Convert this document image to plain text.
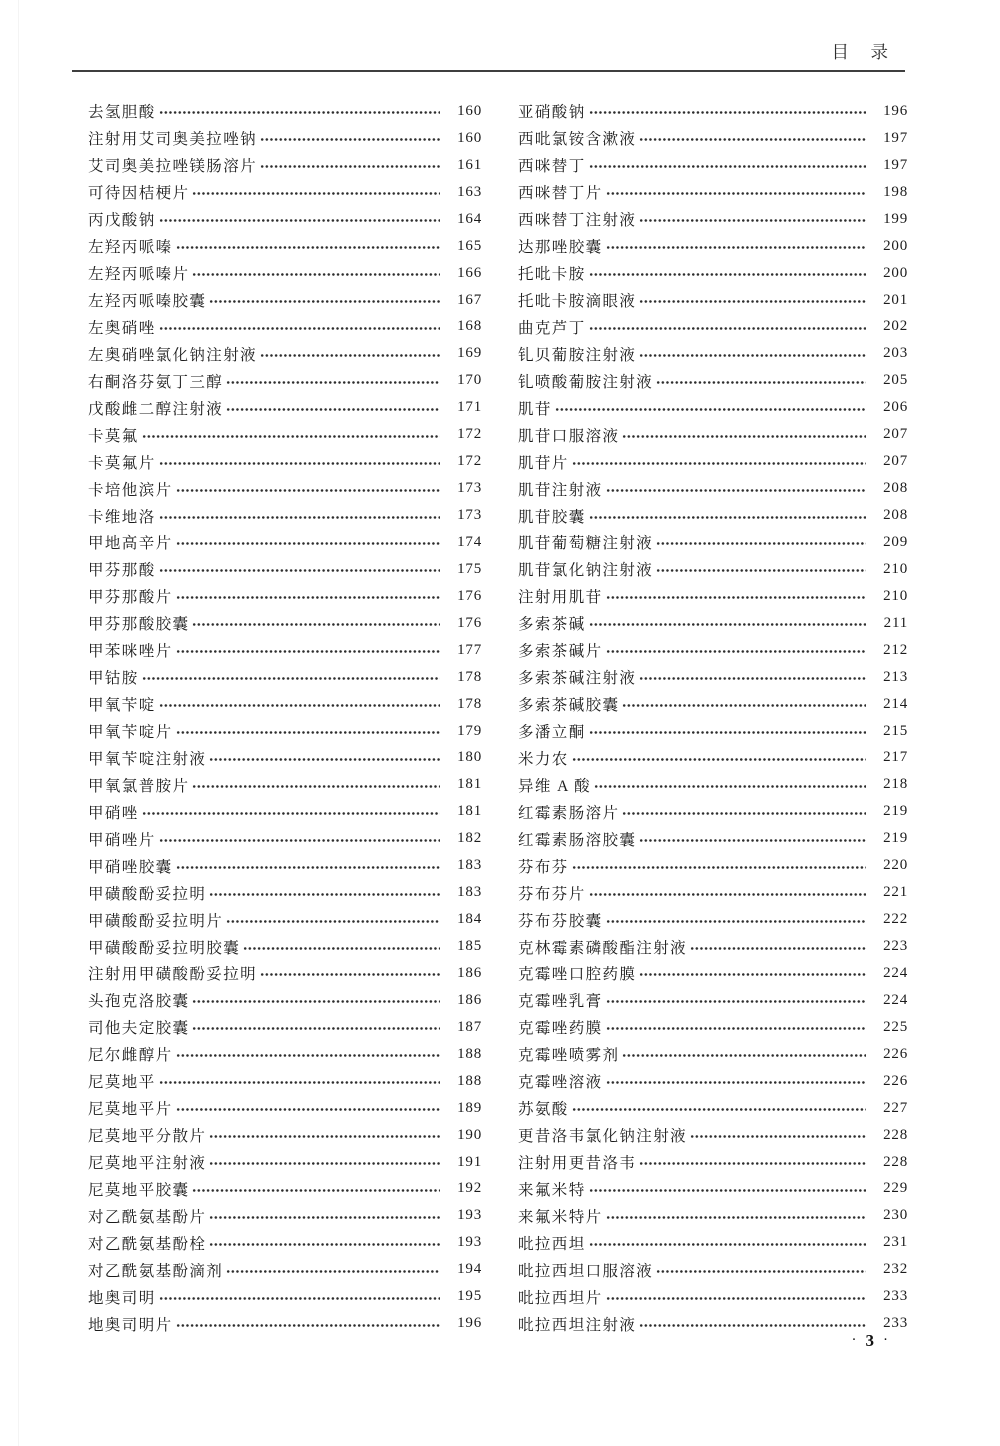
目　录
去氢胆酸	160
注射用艾司奥美拉唑钠	160
艾司奥美拉唑镁肠溶片	161
可待因桔梗片	163
丙戊酸钠	164
左羟丙哌嗪	165
左羟丙哌嗪片	166
左羟丙哌嗪胶囊	167
左奥硝唑	168
左奥硝唑氯化钠注射液	169
右酮洛芬氨丁三醇	170
戊酸雌二醇注射液	171
卡莫氟	172
卡莫氟片	172
卡培他滨片	173
卡维地洛	173
甲地高辛片	174
甲芬那酸	175
甲芬那酸片	176
甲芬那酸胶囊	176
甲苯咪唑片	177
甲钴胺	178
甲氧苄啶	178
甲氧苄啶片	179
甲氧苄啶注射液	180
甲氧氯普胺片	181
甲硝唑	181
甲硝唑片	182
甲硝唑胶囊	183
甲磺酸酚妥拉明	183
甲磺酸酚妥拉明片	184
甲磺酸酚妥拉明胶囊	185
注射用甲磺酸酚妥拉明	186
头孢克洛胶囊	186
司他夫定胶囊	187
尼尔雌醇片	188
尼莫地平	188
尼莫地平片	189
尼莫地平分散片	190
尼莫地平注射液	191
尼莫地平胶囊	192
对乙酰氨基酚片	193
对乙酰氨基酚栓	193
对乙酰氨基酚滴剂	194
地奥司明	195
地奥司明片	196
亚硝酸钠	196
西吡氯铵含漱液	197
西咪替丁	197
西咪替丁片	198
西咪替丁注射液	199
达那唑胶囊	200
托吡卡胺	200
托吡卡胺滴眼液	201
曲克芦丁	202
钆贝葡胺注射液	203
钆喷酸葡胺注射液	205
肌苷	206
肌苷口服溶液	207
肌苷片	207
肌苷注射液	208
肌苷胶囊	208
肌苷葡萄糖注射液	209
肌苷氯化钠注射液	210
注射用肌苷	210
多索茶碱	211
多索茶碱片	212
多索茶碱注射液	213
多索茶碱胶囊	214
多潘立酮	215
米力农	217
异维 A 酸	218
红霉素肠溶片	219
红霉素肠溶胶囊	219
芬布芬	220
芬布芬片	221
芬布芬胶囊	222
克林霉素磷酸酯注射液	223
克霉唑口腔药膜	224
克霉唑乳膏	224
克霉唑药膜	225
克霉唑喷雾剂	226
克霉唑溶液	226
苏氨酸	227
更昔洛韦氯化钠注射液	228
注射用更昔洛韦	228
来氟米特	229
来氟米特片	230
吡拉西坦	231
吡拉西坦口服溶液	232
吡拉西坦片	233
吡拉西坦注射液	233
· 3 ·
